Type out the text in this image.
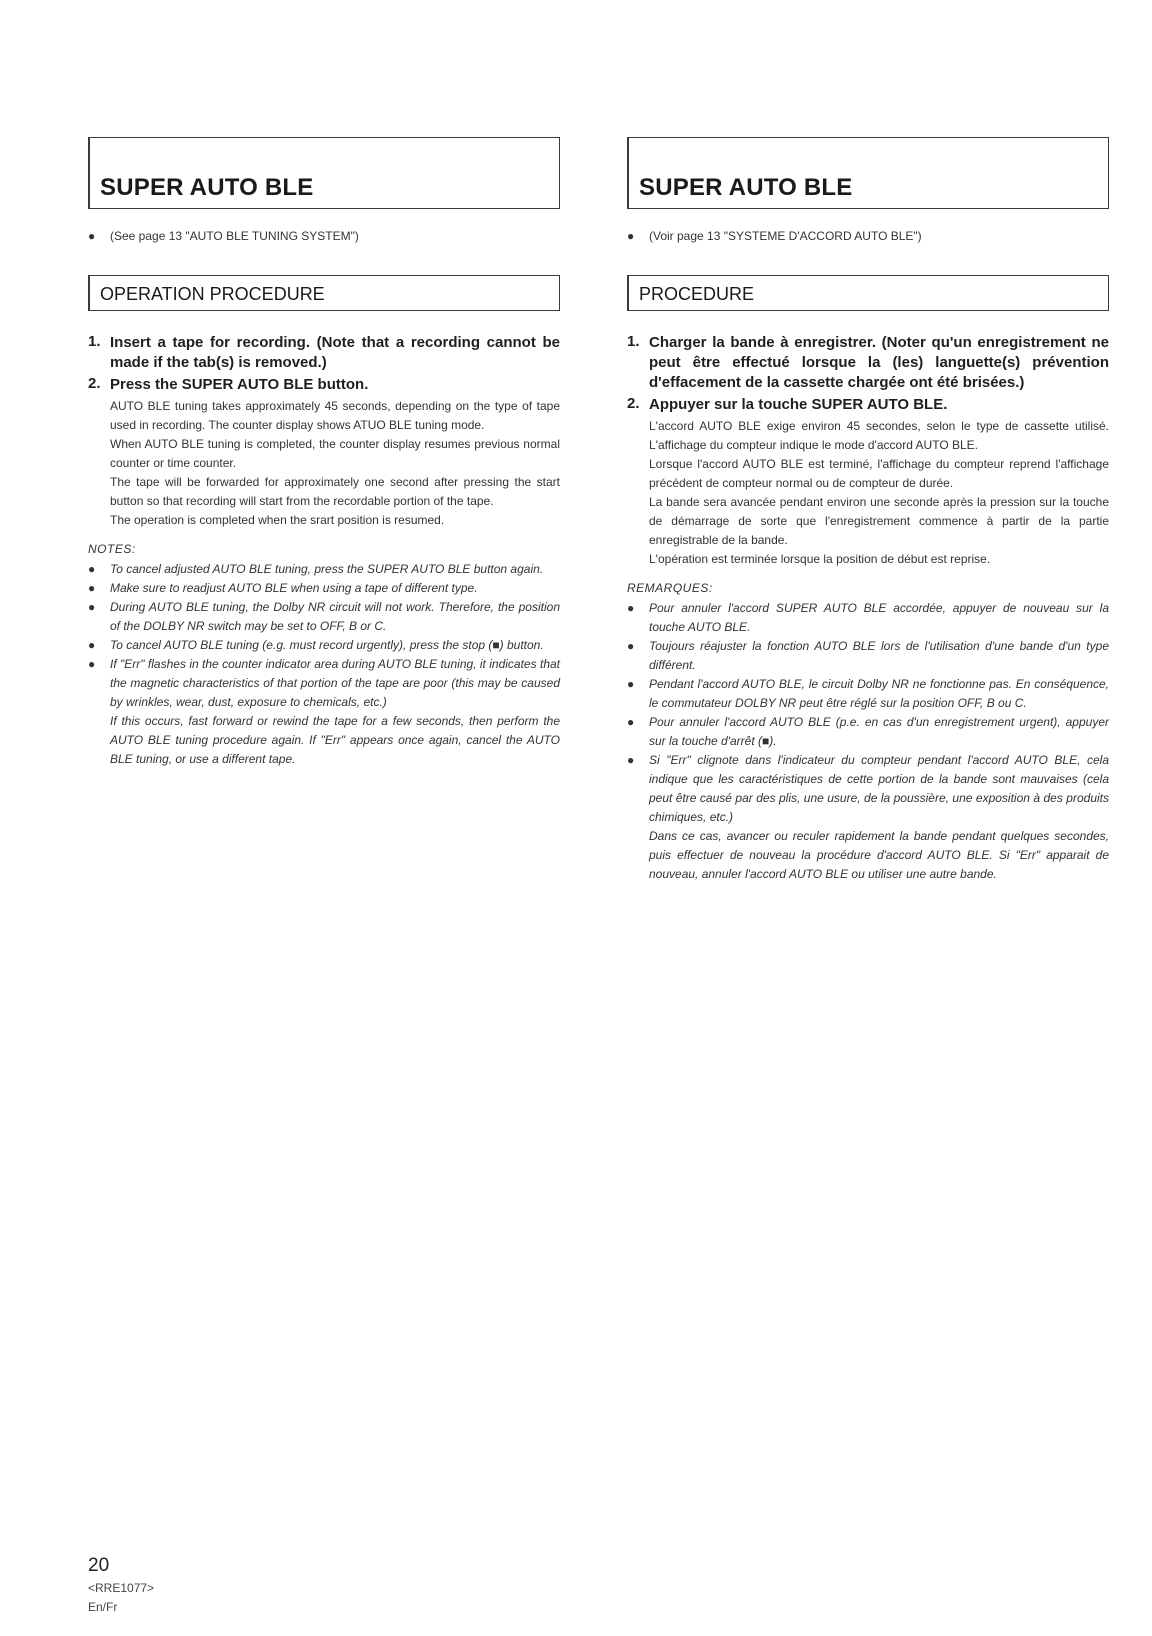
SUPER AUTO BLE
●	(See page 13 "AUTO BLE TUNING SYSTEM")
OPERATION PROCEDURE
1. Insert a tape for recording. (Note that a recording cannot be made if the tab(s) is removed.)
2. Press the SUPER AUTO BLE button.

AUTO BLE tuning takes approximately 45 seconds, depending on the type of tape used in recording. The counter display shows ATUO BLE tuning mode.

When AUTO BLE tuning is completed, the counter display resumes previous normal counter or time counter.

The tape will be forwarded for approximately one second after pressing the start button so that recording will start from the recordable portion of the tape.

The operation is completed when the srart position is resumed.

NOTES:
●	To cancel adjusted AUTO BLE tuning, press the SUPER AUTO BLE button again.

●	Make sure to readjust AUTO BLE when using a tape of different type.

●	During AUTO BLE tuning, the Dolby NR circuit will not work. Therefore, the position of the DOLBY NR switch may be set to OFF, B or C.

●	To cancel AUTO BLE tuning (e.g. must record urgently), press the stop (■) button.

●	If "Err" flashes in the counter indicator area during AUTO BLE tuning, it indicates that the magnetic characteristics of that portion of the tape are poor (this may be caused by wrinkles, wear, dust, exposure to chemicals, etc.)

If this occurs, fast forward or rewind the tape for a few seconds, then perform the AUTO BLE tuning procedure again. If "Err" appears once again, cancel the AUTO BLE tuning, or use a different tape.

SUPER AUTO BLE
●	(Voir page 13 "SYSTEME D'ACCORD AUTO BLE")
PROCEDURE
1. Charger la bande à enregistrer. (Noter qu'un enregistrement ne peut être effectué lorsque la (les) languette(s) prévention d'effacement de la cassette chargée ont été brisées.)
2. Appuyer sur la touche SUPER AUTO BLE.

L'accord AUTO BLE exige environ 45 secondes, selon le type de cassette utilisé. L'affichage du compteur indique le mode d'accord AUTO BLE.

Lorsque l'accord AUTO BLE est terminé, l'affichage du compteur reprend l'affichage précédent de compteur normal ou de compteur de durée.

La bande sera avancée pendant environ une seconde après la pression sur la touche de démarrage de sorte que l'enregistrement commence à partir de la partie enregistrable de la bande.

L'opération est terminée lorsque la position de début est reprise.

REMARQUES:
●	Pour annuler l'accord SUPER AUTO BLE accordée, appuyer de nouveau sur la touche AUTO BLE.

●	Toujours réajuster la fonction AUTO BLE lors de l'utilisation d'une bande d'un type différent.

●	Pendant l'accord AUTO BLE, le circuit Dolby NR ne fonctionne pas. En conséquence, le commutateur DOLBY NR peut être réglé sur la position OFF, B ou C.

●	Pour annuler l'accord AUTO BLE (p.e. en cas d'un enregistrement urgent), appuyer sur la touche d'arrêt (■).

●	Si "Err" clignote dans l'indicateur du compteur pendant l'accord AUTO BLE, cela indique que les caractéristiques de cette portion de la bande sont mauvaises (cela peut être causé par des plis, une usure, de la poussière, une exposition à des produits chimiques, etc.)

Dans ce cas, avancer ou reculer rapidement la bande pendant quelques secondes, puis effectuer de nouveau la procédure d'accord AUTO BLE. Si "Err" apparait de nouveau, annuler l'accord AUTO BLE ou utiliser une autre bande.

20
<RRE1077>
En/Fr
